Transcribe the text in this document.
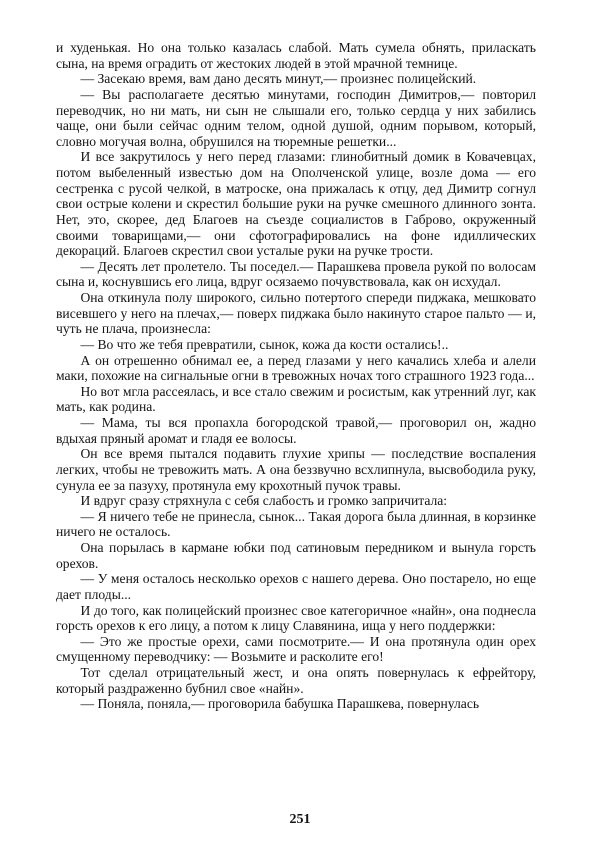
и худенькая. Но она только казалась слабой. Мать сумела обнять, приласкать сына, на время оградить от жестоких людей в этой мрачной темнице.

— Засекаю время, вам дано десять минут,— произнес полицейский.

— Вы располагаете десятью минутами, господин Димитров,— повторил переводчик, но ни мать, ни сын не слышали его, только сердца у них забились чаще, они были сейчас одним телом, одной душой, одним порывом, который, словно могучая волна, обрушился на тюремные решетки...

И все закрутилось у него перед глазами: глинобитный домик в Ковачевцах, потом выбеленный известью дом на Ополченской улице, возле дома — его сестренка с русой челкой, в матроске, она прижалась к отцу, дед Димитр согнул свои острые колени и скрестил большие руки на ручке смешного длинного зонта. Нет, это, скорее, дед Благоев на съезде социалистов в Габрово, окруженный своими товарищами,— они сфотографировались на фоне идиллических декораций. Благоев скрестил свои усталые руки на ручке трости.

— Десять лет пролетело. Ты поседел.— Парашкева провела рукой по волосам сына и, коснувшись его лица, вдруг осязаемо почувствовала, как он исхудал.

Она откинула полу широкого, сильно потертого спереди пиджака, мешковато висевшего у него на плечах,— поверх пиджака было накинуто старое пальто — и, чуть не плача, произнесла:

— Во что же тебя превратили, сынок, кожа да кости остались!..

А он отрешенно обнимал ее, а перед глазами у него качались хлеба и алели маки, похожие на сигнальные огни в тревожных ночах того страшного 1923 года...

Но вот мгла рассеялась, и все стало свежим и росистым, как утренний луг, как мать, как родина.

— Мама, ты вся пропахла богородской травой,— проговорил он, жадно вдыхая пряный аромат и гладя ее волосы.

Он все время пытался подавить глухие хрипы — последствие воспаления легких, чтобы не тревожить мать. А она беззвучно всхлипнула, высвободила руку, сунула ее за пазуху, протянула ему крохотный пучок травы.

И вдруг сразу стряхнула с себя слабость и громко запричитала:

— Я ничего тебе не принесла, сынок... Такая дорога была длинная, в корзинке ничего не осталось.

Она порылась в кармане юбки под сатиновым передником и вынула горсть орехов.

— У меня осталось несколько орехов с нашего дерева. Оно постарело, но еще дает плоды...

И до того, как полицейский произнес свое категоричное «найн», она поднесла горсть орехов к его лицу, а потом к лицу Славянина, ища у него поддержки:

— Это же простые орехи, сами посмотрите.— И она протянула один орех смущенному переводчику: — Возьмите и расколите его!

Тот сделал отрицательный жест, и она опять повернулась к ефрейтору, который раздраженно бубнил свое «найн».

— Поняла, поняла,— проговорила бабушка Парашкева, повернулась

251
